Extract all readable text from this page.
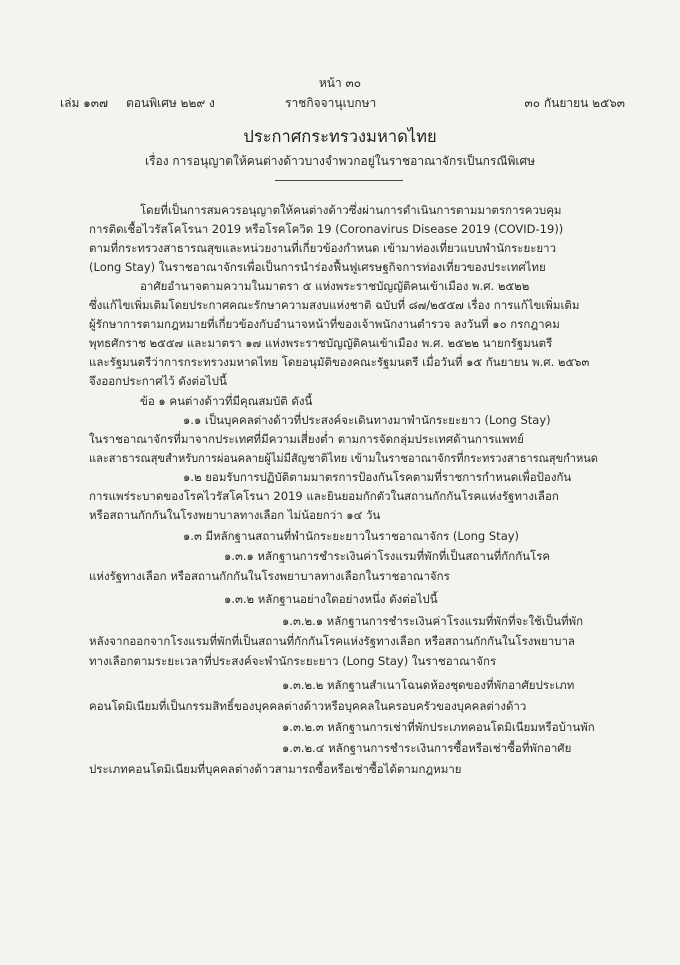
หน้า ๓๐
เล่ม ๑๓๗ ตอนพิเศษ ๒๒๙ ง	ราชกิจจานุเบกษา	๓๐ กันยายน ๒๕๖๓
ประกาศกระทรวงมหาดไทย
เรื่อง การอนุญาตให้คนต่างด้าวบางจำพวกอยู่ในราชอาณาจักรเป็นกรณีพิเศษ
โดยที่เป็นการสมควรอนุญาตให้คนต่างด้าวซึ่งผ่านการดำเนินการตามมาตรการควบคุม
การติดเชื้อไวรัสโคโรนา 2019 หรือโรคโควิด 19 (Coronavirus Disease 2019 (COVID-19))
ตามที่กระทรวงสาธารณสุขและหน่วยงานที่เกี่ยวข้องกำหนด เข้ามาท่องเที่ยวแบบพำนักระยะยาว
(Long Stay) ในราชอาณาจักรเพื่อเป็นการนำร่องฟื้นฟูเศรษฐกิจการท่องเที่ยวของประเทศไทย
อาศัยอำนาจตามความในมาตรา ๕ แห่งพระราชบัญญัติคนเข้าเมือง พ.ศ. ๒๕๒๒
ซึ่งแก้ไขเพิ่มเติมโดยประกาศคณะรักษาความสงบแห่งชาติ ฉบับที่ ๘๗/๒๕๕๗ เรื่อง การแก้ไขเพิ่มเติม
ผู้รักษาการตามกฎหมายที่เกี่ยวข้องกับอำนาจหน้าที่ของเจ้าพนักงานตำรวจ ลงวันที่ ๑๐ กรกฎาคม
พุทธศักราช ๒๕๕๗ และมาตรา ๑๗ แห่งพระราชบัญญัติคนเข้าเมือง พ.ศ. ๒๕๒๒ นายกรัฐมนตรี
และรัฐมนตรีว่าการกระทรวงมหาดไทย โดยอนุมัติของคณะรัฐมนตรี เมื่อวันที่ ๑๕ กันยายน พ.ศ. ๒๕๖๓
จึงออกประกาศไว้ ดังต่อไปนี้
ข้อ ๑ คนต่างด้าวที่มีคุณสมบัติ ดังนี้
๑.๑ เป็นบุคคลต่างด้าวที่ประสงค์จะเดินทางมาพำนักระยะยาว (Long Stay)
ในราชอาณาจักรที่มาจากประเทศที่มีความเสี่ยงต่ำ ตามการจัดกลุ่มประเทศด้านการแพทย์
และสาธารณสุขสำหรับการผ่อนคลายผู้ไม่มีสัญชาติไทย เข้ามในราชอาณาจักรที่กระทรวงสาธารณสุขกำหนด
๑.๒ ยอมรับการปฏิบัติตามมาตรการป้องกันโรคตามที่ราชการกำหนดเพื่อป้องกัน
การแพร่ระบาดของโรคไวรัสโคโรนา 2019 และยินยอมกักตัวในสถานกักกันโรคแห่งรัฐทางเลือก
หรือสถานกักกันในโรงพยาบาลทางเลือก ไม่น้อยกว่า ๑๔ วัน
๑.๓ มีหลักฐานสถานที่พำนักระยะยาวในราชอาณาจักร (Long Stay)
๑.๓.๑ หลักฐานการชำระเงินค่าโรงแรมที่พักที่เป็นสถานที่กักกันโรค
แห่งรัฐทางเลือก หรือสถานกักกันในโรงพยาบาลทางเลือกในราชอาณาจักร
๑.๓.๒ หลักฐานอย่างใดอย่างหนึ่ง ดังต่อไปนี้
๑.๓.๒.๑ หลักฐานการชำระเงินค่าโรงแรมที่พักที่จะใช้เป็นที่พัก
หลังจากออกจากโรงแรมที่พักที่เป็นสถานที่กักกันโรคแห่งรัฐทางเลือก หรือสถานกักกันในโรงพยาบาล
ทางเลือกตามระยะเวลาที่ประสงค์จะพำนักระยะยาว (Long Stay) ในราชอาณาจักร
๑.๓.๒.๒ หลักฐานสำเนาโฉนดห้องชุดของที่พักอาศัยประเภท
คอนโดมิเนียมที่เป็นกรรมสิทธิ์ของบุคคลต่างด้าวหรือบุคคลในครอบครัวของบุคคลต่างด้าว
๑.๓.๒.๓ หลักฐานการเช่าที่พักประเภทคอนโดมิเนียมหรือบ้านพัก
๑.๓.๒.๔ หลักฐานการชำระเงินการซื้อหรือเช่าซื้อที่พักอาศัย
ประเภทคอนโดมิเนียมที่บุคคลต่างด้าวสามารถซื้อหรือเช่าซื้อได้ตามกฎหมาย
